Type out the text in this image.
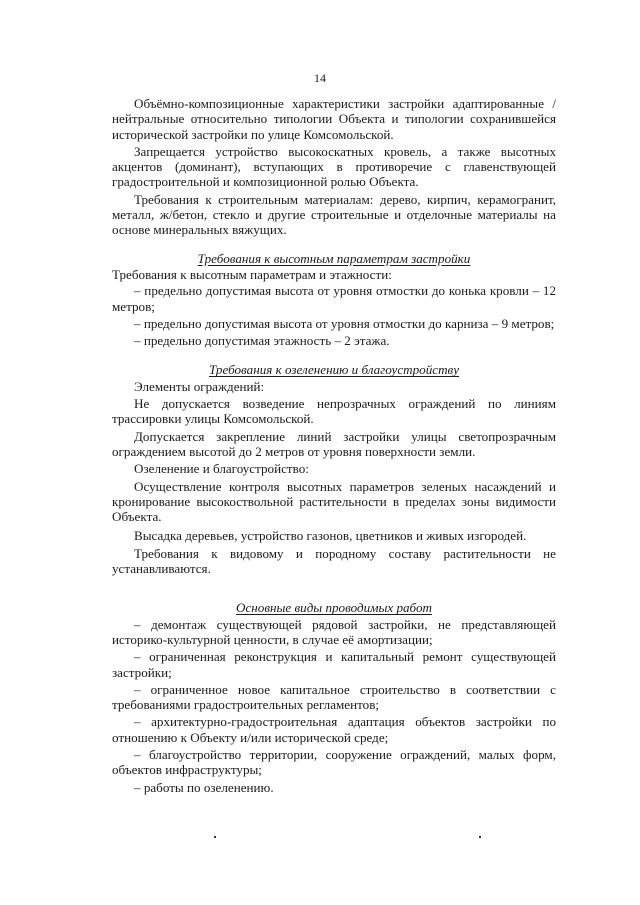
14
Объёмно-композиционные характеристики застройки адаптированные /нейтральные относительно типологии Объекта и типологии сохранившейся исторической застройки по улице Комсомольской.
Запрещается устройство высокоскатных кровель, а также высотных акцентов (доминант), вступающих в противоречие с главенствующей градостроительной и композиционной ролью Объекта.
Требования к строительным материалам: дерево, кирпич, керамогранит, металл, ж/бетон, стекло и другие строительные и отделочные материалы на основе минеральных вяжущих.
Требования к высотным параметрам застройки
Требования к высотным параметрам и этажности:
– предельно допустимая высота от уровня отмостки до конька кровли – 12 метров;
– предельно допустимая высота от уровня отмостки до карниза – 9 метров;
– предельно допустимая этажность – 2 этажа.
Требования к озеленению и благоустройству
Элементы ограждений:
Не допускается возведение непрозрачных ограждений по линиям трассировки улицы Комсомольской.
Допускается закрепление линий застройки улицы светопрозрачным ограждением высотой до 2 метров от уровня поверхности земли.
Озеленение и благоустройство:
Осуществление контроля высотных параметров зеленых насаждений и кронирование высокоствольной растительности в пределах зоны видимости Объекта.
Высадка деревьев, устройство газонов, цветников и живых изгородей.
Требования к видовому и породному составу растительности не устанавливаются.
Основные виды проводимых работ
– демонтаж существующей рядовой застройки, не представляющей историко-культурной ценности, в случае её амортизации;
– ограниченная реконструкция и капитальный ремонт существующей застройки;
– ограниченное новое капитальное строительство в соответствии с требованиями градостроительных регламентов;
– архитектурно-градостроительная адаптация объектов застройки по отношению к Объекту и/или исторической среде;
– благоустройство территории, сооружение ограждений, малых форм, объектов инфраструктуры;
– работы по озеленению.
